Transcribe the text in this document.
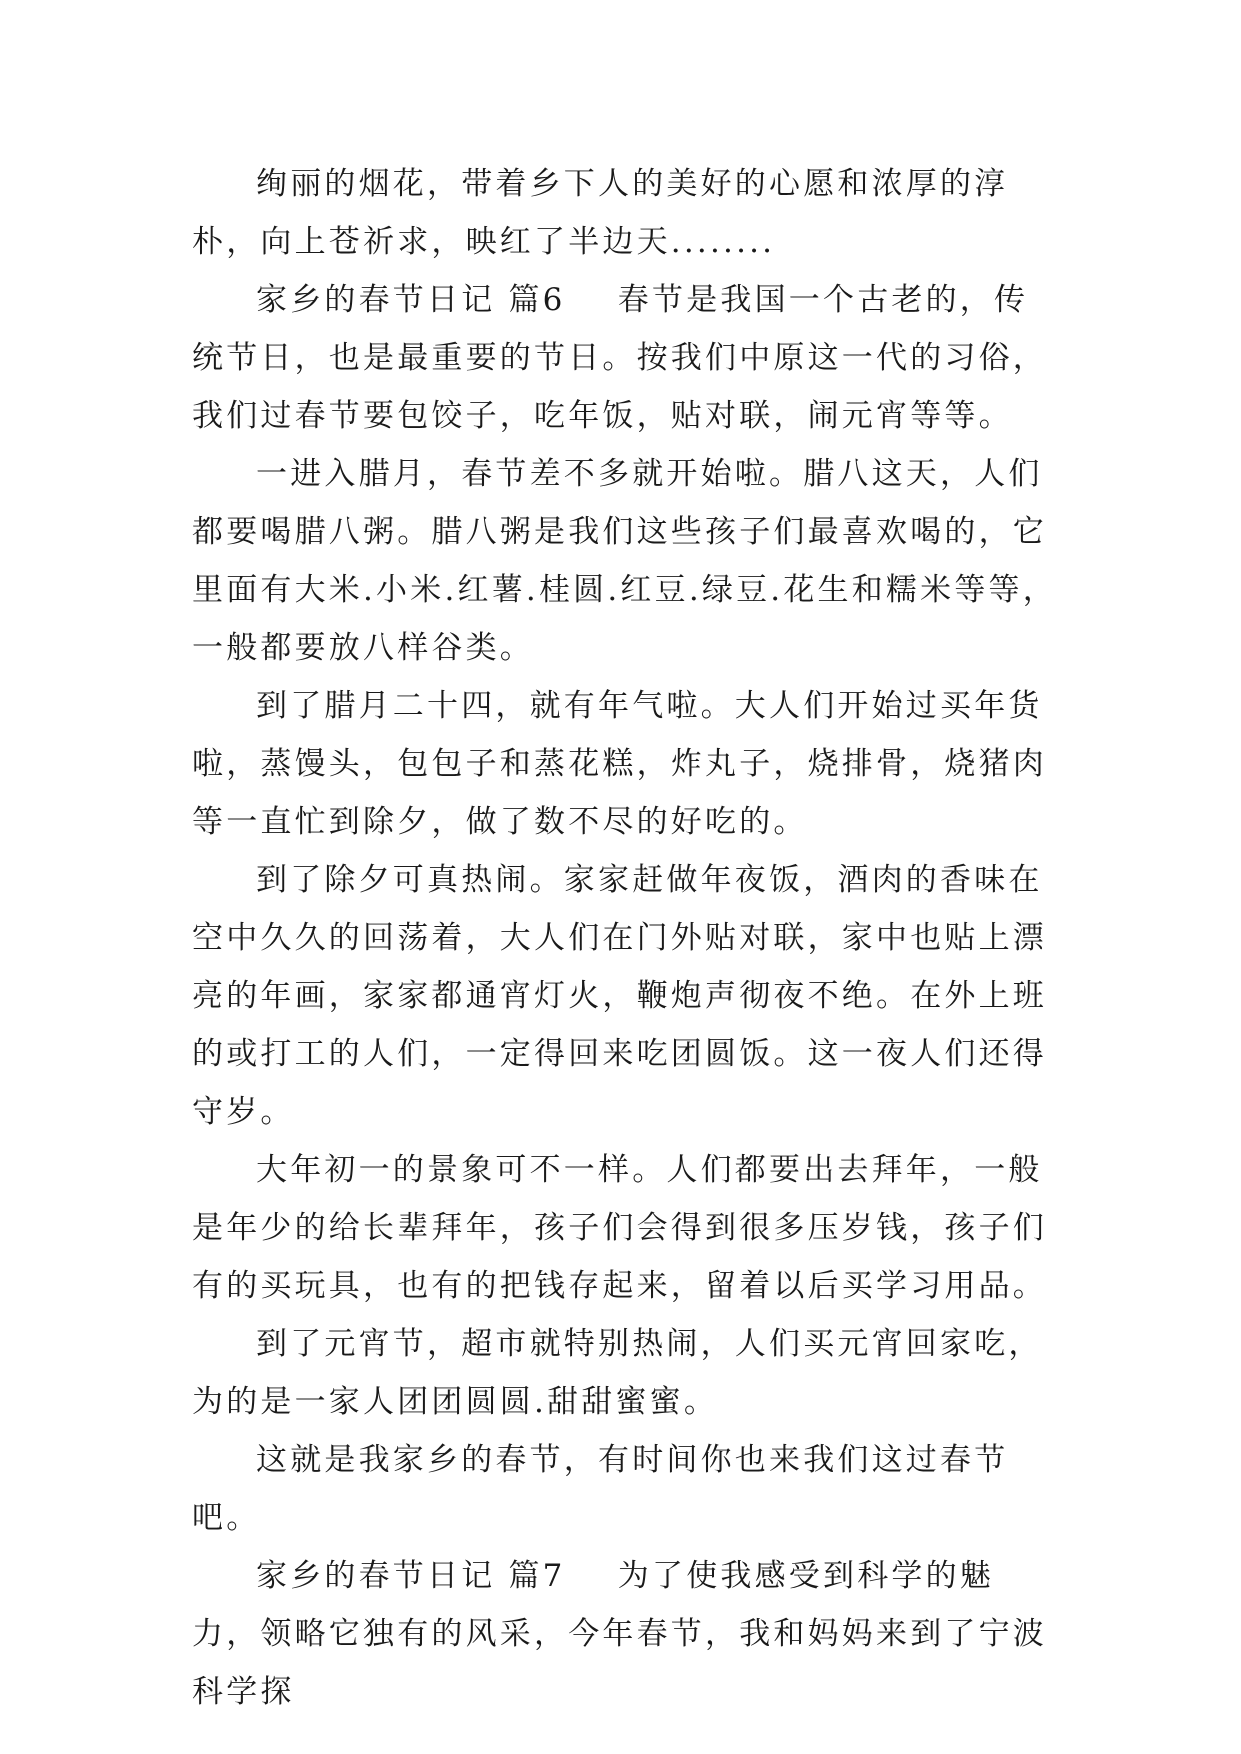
绚丽的烟花，带着乡下人的美好的心愿和浓厚的淳朴，向上苍祈求，映红了半边天........

家乡的春节日记 篇6    春节是我国一个古老的，传统节日，也是最重要的节日。按我们中原这一代的习俗，我们过春节要包饺子，吃年饭，贴对联，闹元宵等等。

一进入腊月，春节差不多就开始啦。腊八这天，人们都要喝腊八粥。腊八粥是我们这些孩子们最喜欢喝的，它里面有大米.小米.红薯.桂圆.红豆.绿豆.花生和糯米等等，一般都要放八样谷类。

到了腊月二十四，就有年气啦。大人们开始过买年货啦，蒸馒头，包包子和蒸花糕，炸丸子，烧排骨，烧猪肉等一直忙到除夕，做了数不尽的好吃的。

到了除夕可真热闹。家家赶做年夜饭，酒肉的香味在空中久久的回荡着，大人们在门外贴对联，家中也贴上漂亮的年画，家家都通宵灯火，鞭炮声彻夜不绝。在外上班的或打工的人们，一定得回来吃团圆饭。这一夜人们还得守岁。

大年初一的景象可不一样。人们都要出去拜年，一般是年少的给长辈拜年，孩子们会得到很多压岁钱，孩子们有的买玩具，也有的把钱存起来，留着以后买学习用品。

到了元宵节，超市就特别热闹，人们买元宵回家吃，为的是一家人团团圆圆.甜甜蜜蜜。

这就是我家乡的春节，有时间你也来我们这过春节吧。

家乡的春节日记 篇7    为了使我感受到科学的魅力，领略它独有的风采，今年春节，我和妈妈来到了宁波科学探
